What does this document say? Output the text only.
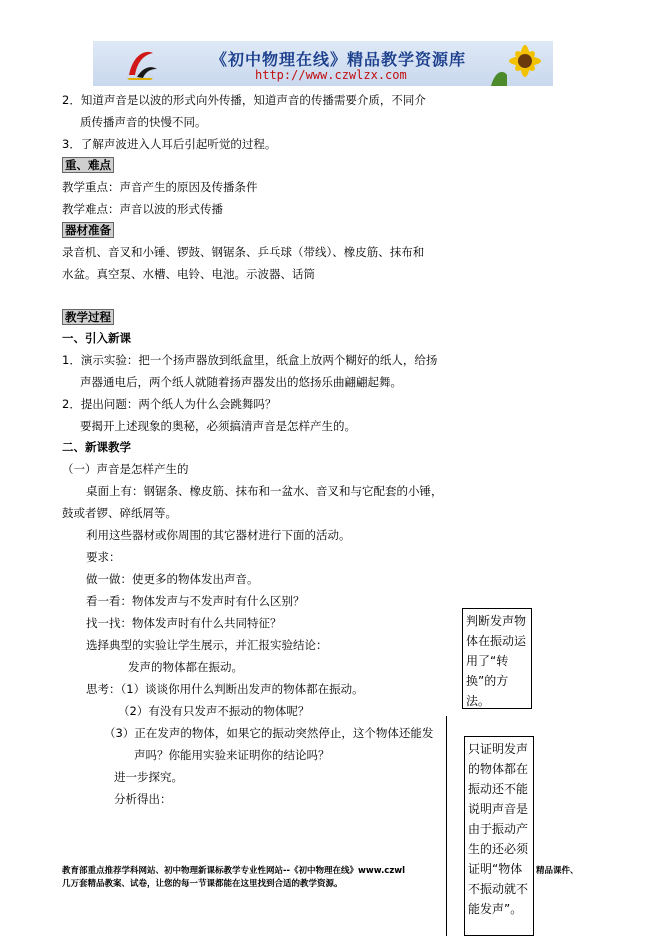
《初中物理在线》精品教学资源库
http://www.czwlzx.com
2．知道声音是以波的形式向外传播，知道声音的传播需要介质，不同介
质传播声音的快慢不同。
3．了解声波进入人耳后引起听觉的过程。
重、难点
教学重点：声音产生的原因及传播条件
教学难点：声音以波的形式传播
器材准备
录音机、音叉和小锤、锣鼓、钢锯条、乒乓球（带线）、橡皮筋、抹布和
水盆。真空泵、水槽、电铃、电池。示波器、话筒
教学过程
一、引入新课
1．演示实验：把一个扬声器放到纸盒里，纸盒上放两个糊好的纸人，给扬
声器通电后，两个纸人就随着扬声器发出的悠扬乐曲翩翩起舞。
2．提出问题：两个纸人为什么会跳舞吗？
要揭开上述现象的奥秘，必须搞清声音是怎样产生的。
二、新课教学
（一）声音是怎样产生的
桌面上有：钢锯条、橡皮筋、抹布和一盆水、音叉和与它配套的小锤，
鼓或者锣、碎纸屑等。
利用这些器材或你周围的其它器材进行下面的活动。
要求：
做一做：使更多的物体发出声音。
看一看：物体发声与不发声时有什么区别？
找一找：物体发声时有什么共同特征？
选择典型的实验让学生展示，并汇报实验结论：
发声的物体都在振动。
思考：（1）谈谈你用什么判断出发声的物体都在振动。
（2）有没有只发声不振动的物体呢？
（3）正在发声的物体，如果它的振动突然停止，这个物体还能发
声吗？你能用实验来证明你的结论吗？
进一步探究。
分析得出：
判断发声物体在振动运用了“转换”的方法。
只证明发声的物体都在振动还不能说明声音是由于振动产生的还必须证明“物体不振动就不能发声”。
教育部重点推荐学科网站、初中物理新课标教学专业性网站--《初中物理在线》www.czwl	精品课件、
几万套精品教案、试卷，让您的每一节课都能在这里找到合适的教学资源。
